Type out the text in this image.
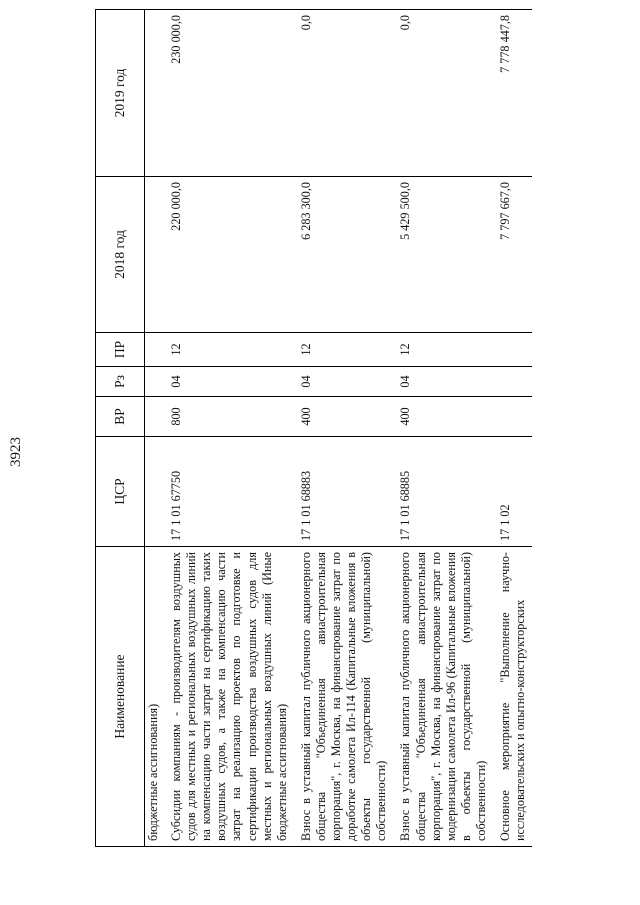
3923
Наименование	ЦСР	ВР	Рз	ПР	2018 год	2019 год
бюджетные ассигнования)						
Субсидии компаниям - производителям воздушных судов для местных и региональных воздушных линий на компенсацию части затрат на сертификацию таких воздушных судов, а также на компенсацию части затрат на реализацию проектов по подготовке и сертификации производства воздушных судов для местных и региональных воздушных линий (Иные бюджетные ассигнования)	17 1 01 67750	800	04	12	220 000,0	230 000,0
Взнос в уставный капитал публичного акционерного общества "Объединенная авиастроительная корпорация", г. Москва, на финансирование затрат по доработке самолета Ил-114 (Капитальные вложения в объекты государственной (муниципальной) собственности)	17 1 01 68883	400	04	12	6 283 300,0	0,0
Взнос в уставный капитал публичного акционерного общества "Объединенная авиастроительная корпорация", г. Москва, на финансирование затрат по модернизации самолета Ил-96 (Капитальные вложения в объекты государственной (муниципальной) собственности)	17 1 01 68885	400	04	12	5 429 500,0	0,0
Основное мероприятие "Выполнение научно-исследовательских и опытно-конструкторских	17 1 02				7 797 667,0	7 778 447,8
